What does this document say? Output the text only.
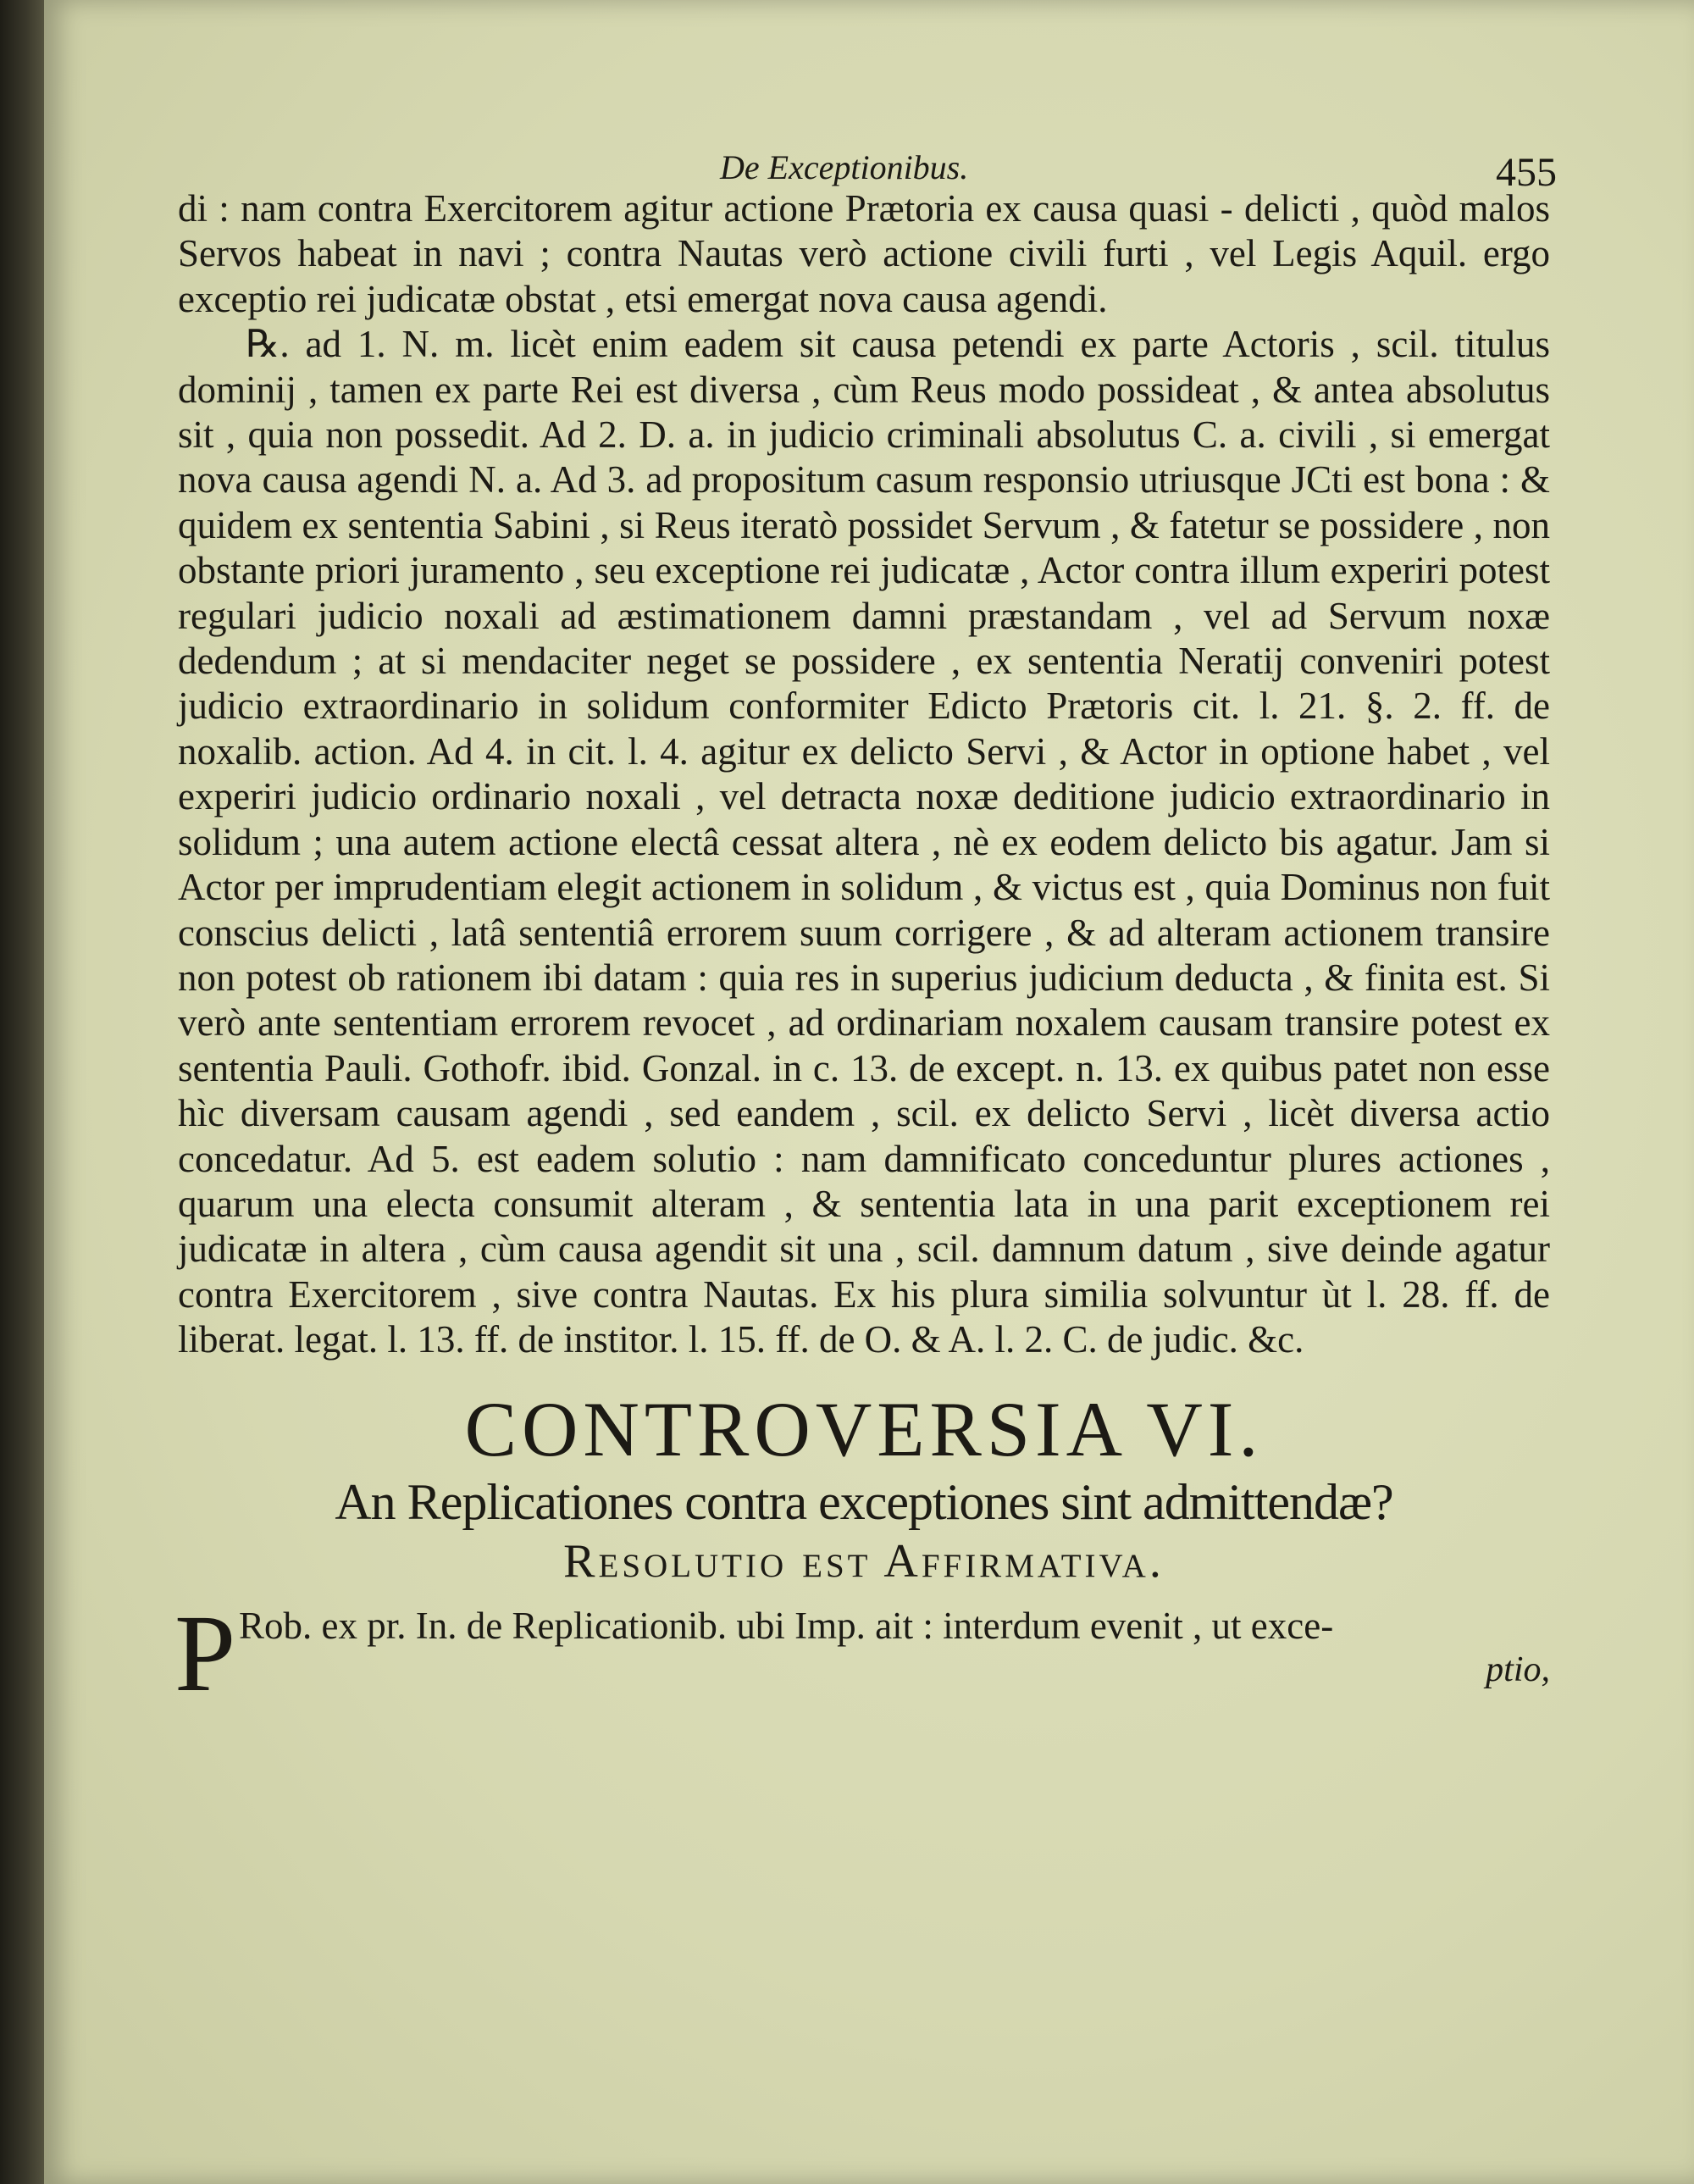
De Exceptionibus.	455

di : nam contra Exercitorem agitur actione Prætoria ex causa quasi - delicti , quòd malos Servos habeat in navi ; contra Nautas verò actione civili furti , vel Legis Aquil. ergo exceptio rei judicatæ obstat , etsi emergat nova causa agendi.

℞. ad 1. N. m. licèt enim eadem sit causa petendi ex parte Actoris , scil. titulus dominij , tamen ex parte Rei est diversa , cùm Reus modo possideat , & antea absolutus sit , quia non possedit. Ad 2. D. a. in judicio criminali absolutus C. a. civili , si emergat nova causa agendi N. a. Ad 3. ad propositum casum responsio utriusque JCti est bona : & quidem ex sententia Sabini , si Reus iteratò possidet Servum , & fatetur se possidere , non obstante priori juramento , seu exceptione rei judicatæ , Actor contra illum experiri potest regulari judicio noxali ad æstimationem damni præstandam , vel ad Servum noxæ dedendum ; at si mendaciter neget se possidere , ex sententia Neratij conveniri potest judicio extraordinario in solidum conformiter Edicto Prætoris cit. l. 21. §. 2. ff. de noxalib. action. Ad 4. in cit. l. 4. agitur ex delicto Servi , & Actor in optione habet , vel experiri judicio ordinario noxali , vel detracta noxæ deditione judicio extraordinario in solidum ; una autem actione electâ cessat altera , nè ex eodem delicto bis agatur. Jam si Actor per imprudentiam elegit actionem in solidum , & victus est , quia Dominus non fuit conscius delicti , latâ sententiâ errorem suum corrigere , & ad alteram actionem transire non potest ob rationem ibi datam : quia res in superius judicium deducta , & finita est. Si verò ante sententiam errorem revocet , ad ordinariam noxalem causam transire potest ex sententia Pauli. Gothofr. ibid. Gonzal. in c. 13. de except. n. 13. ex quibus patet non esse hìc diversam causam agendi , sed eandem , scil. ex delicto Servi , licèt diversa actio concedatur. Ad 5. est eadem solutio : nam damnificato conceduntur plures actiones , quarum una electa consumit alteram , & sententia lata in una parit exceptionem rei judicatæ in altera , cùm causa agendit sit una , scil. damnum datum , sive deinde agatur contra Exercitorem , sive contra Nautas. Ex his plura similia solvuntur ùt l. 28. ff. de liberat. legat. l. 13. ff. de institor. l. 15. ff. de O. & A. l. 2. C. de judic. &c.

CONTROVERSIA VI.
An Replicationes contra exceptiones sint admittendæ?
Resolutio est Affirmativa.
P Rob. ex pr. In. de Replicationib. ubi Imp. ait : interdum evenit , ut exce-
ptio,
